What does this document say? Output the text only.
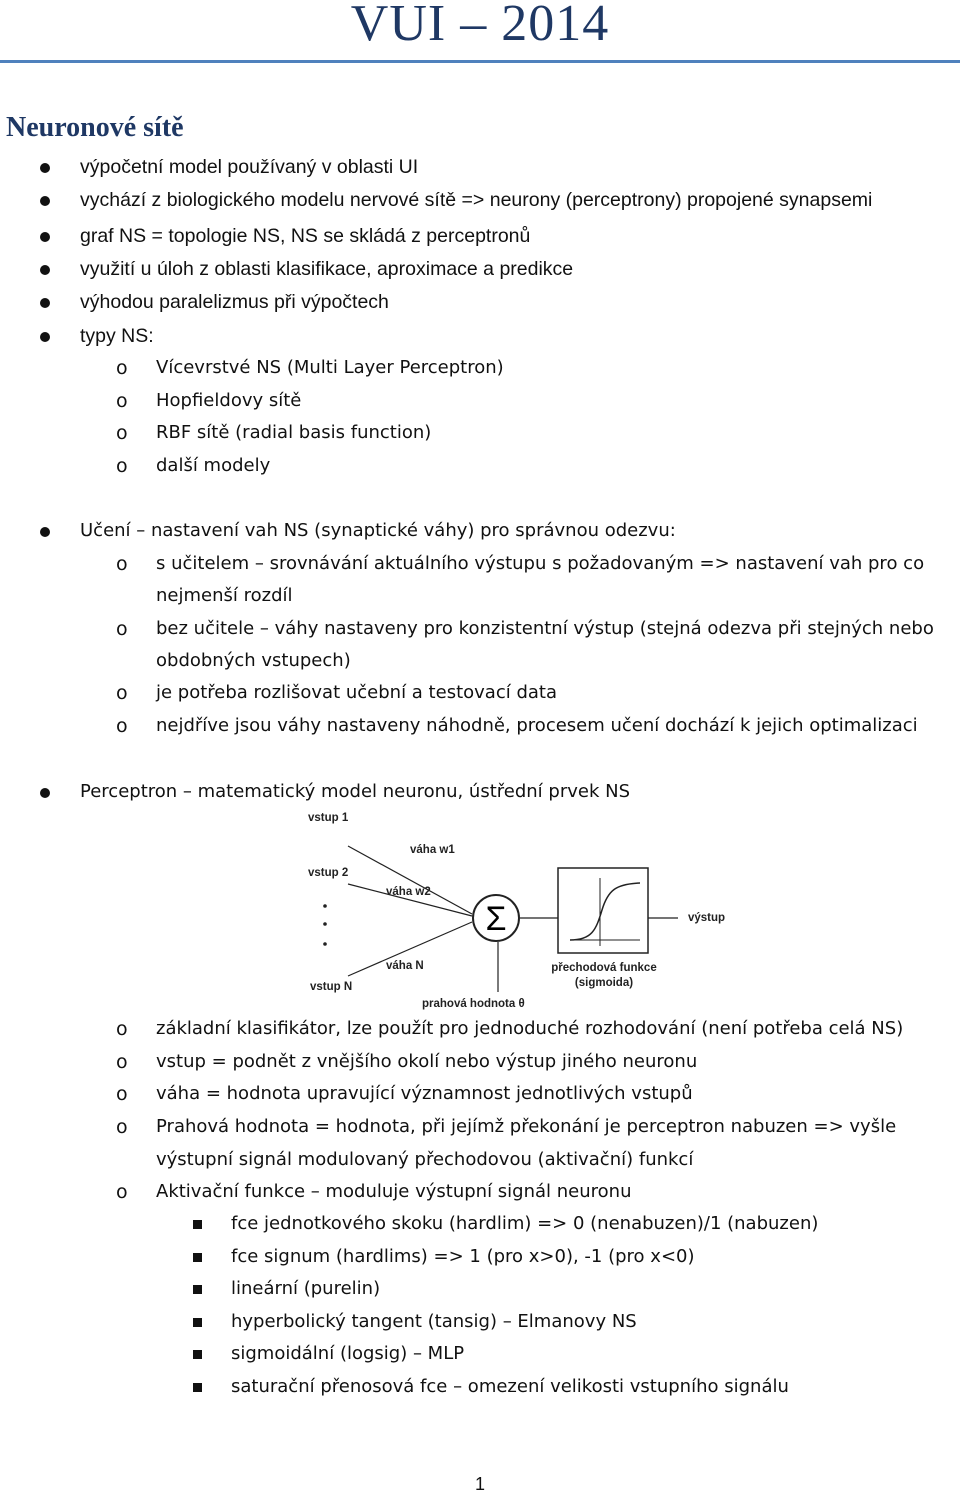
VUI – 2014
Neuronové sítě
výpočetní model používaný v oblasti UI
vychází z biologického modelu nervové sítě => neurony (perceptrony) propojené synapsemi
graf NS = topologie NS, NS se skládá z perceptronů
využití u úloh z oblasti klasifikace, aproximace a predikce
výhodou paralelizmus při výpočtech
typy NS:
o Vícevrstvé NS (Multi Layer Perceptron)
o Hopfieldovy sítě
o RBF sítě (radial basis function)
o další modely
Učení – nastavení vah NS (synaptické váhy) pro správnou odezvu:
o s učitelem – srovnávání aktuálního výstupu s požadovaným => nastavení vah pro co
nejmenší rozdíl
o bez učitele – váhy nastaveny pro konzistentní výstup (stejná odezva při stejných nebo
obdobných vstupech)
o je potřeba rozlišovat učební a testovací data
o nejdříve jsou váhy nastaveny náhodně, procesem učení dochází k jejich optimalizaci
Perceptron – matematický model neuronu, ústřední prvek NS
Σ
vstup 1
vstup 2
vstup N
váha w1
váha w2
váha N
výstup
přechodová funkce
(sigmoida)
prahová hodnota θ
o základní klasifikátor, lze použít pro jednoduché rozhodování (není potřeba celá NS)
o vstup = podnět z vnějšího okolí nebo výstup jiného neuronu
o váha = hodnota upravující významnost jednotlivých vstupů
o Prahová hodnota = hodnota, při jejímž překonání je perceptron nabuzen => vyšle
výstupní signál modulovaný přechodovou (aktivační) funkcí
o Aktivační funkce – moduluje výstupní signál neuronu
fce jednotkového skoku (hardlim) => 0 (nenabuzen)/1 (nabuzen)
fce signum (hardlims) => 1 (pro x>0), -1 (pro x<0)
lineární (purelin)
hyperbolický tangent (tansig) – Elmanovy NS
sigmoidální (logsig) – MLP
saturační přenosová fce – omezení velikosti vstupního signálu
1
